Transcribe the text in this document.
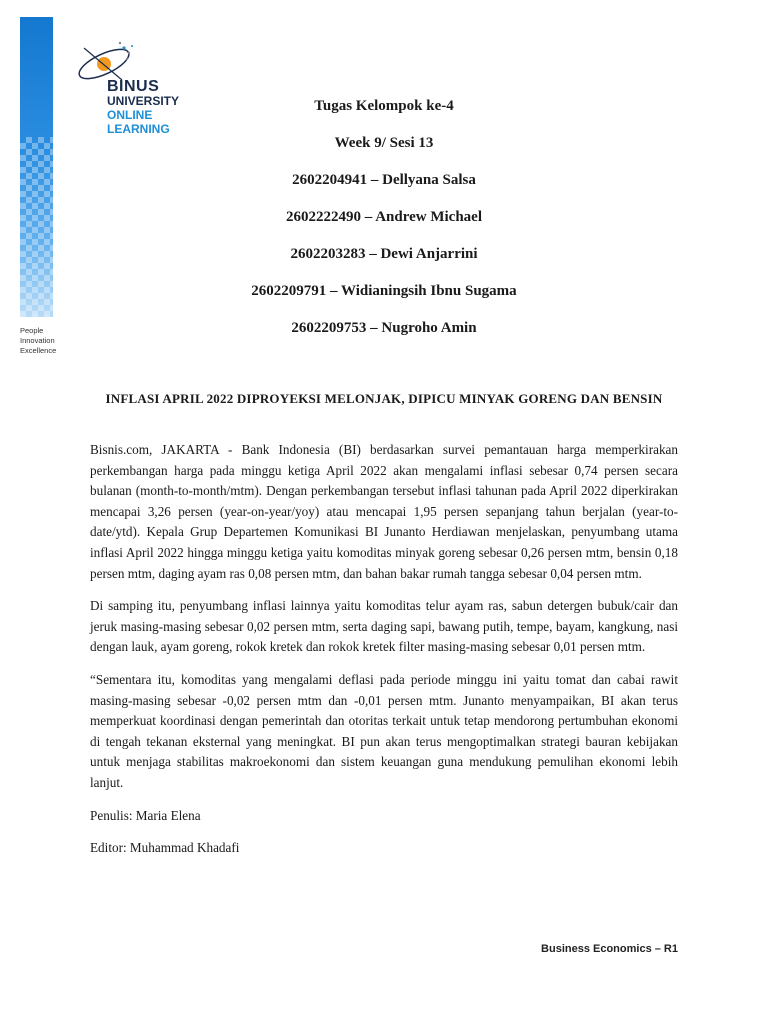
BINUS
UNIVERSITY
ONLINE
LEARNING
People
Innovation
Excellence
Tugas Kelompok ke-4
Week 9/ Sesi 13
2602204941 – Dellyana Salsa
2602222490 – Andrew Michael
2602203283 – Dewi Anjarrini
2602209791 – Widianingsih Ibnu Sugama
2602209753 – Nugroho Amin
INFLASI APRIL 2022 DIPROYEKSI MELONJAK, DIPICU MINYAK GORENG DAN BENSIN

Bisnis.com, JAKARTA - Bank Indonesia (BI) berdasarkan survei pemantauan harga memperkirakan perkembangan harga pada minggu ketiga April 2022 akan mengalami inflasi sebesar 0,74 persen secara bulanan (month-to-month/mtm). Dengan perkembangan tersebut inflasi tahunan pada April 2022 diperkirakan mencapai 3,26 persen (year-on-year/yoy) atau mencapai 1,95 persen sepanjang tahun berjalan (year-to-date/ytd). Kepala Grup Departemen Komunikasi BI Junanto Herdiawan menjelaskan, penyumbang utama inflasi April 2022 hingga minggu ketiga yaitu komoditas minyak goreng sebesar 0,26 persen mtm, bensin 0,18 persen mtm, daging ayam ras 0,08 persen mtm, dan bahan bakar rumah tangga sebesar 0,04 persen mtm.

Di samping itu, penyumbang inflasi lainnya yaitu komoditas telur ayam ras, sabun detergen bubuk/cair dan jeruk masing-masing sebesar 0,02 persen mtm, serta daging sapi, bawang putih, tempe, bayam, kangkung, nasi dengan lauk, ayam goreng, rokok kretek dan rokok kretek filter masing-masing sebesar 0,01 persen mtm.

“Sementara itu, komoditas yang mengalami deflasi pada periode minggu ini yaitu tomat dan cabai rawit masing-masing sebesar -0,02 persen mtm dan -0,01 persen mtm. Junanto menyampaikan, BI akan terus memperkuat koordinasi dengan pemerintah dan otoritas terkait untuk tetap mendorong pertumbuhan ekonomi di tengah tekanan eksternal yang meningkat. BI pun akan terus mengoptimalkan strategi bauran kebijakan untuk menjaga stabilitas makroekonomi dan sistem keuangan guna mendukung pemulihan ekonomi lebih lanjut.

Penulis: Maria Elena

Editor: Muhammad Khadafi

Business Economics – R1
